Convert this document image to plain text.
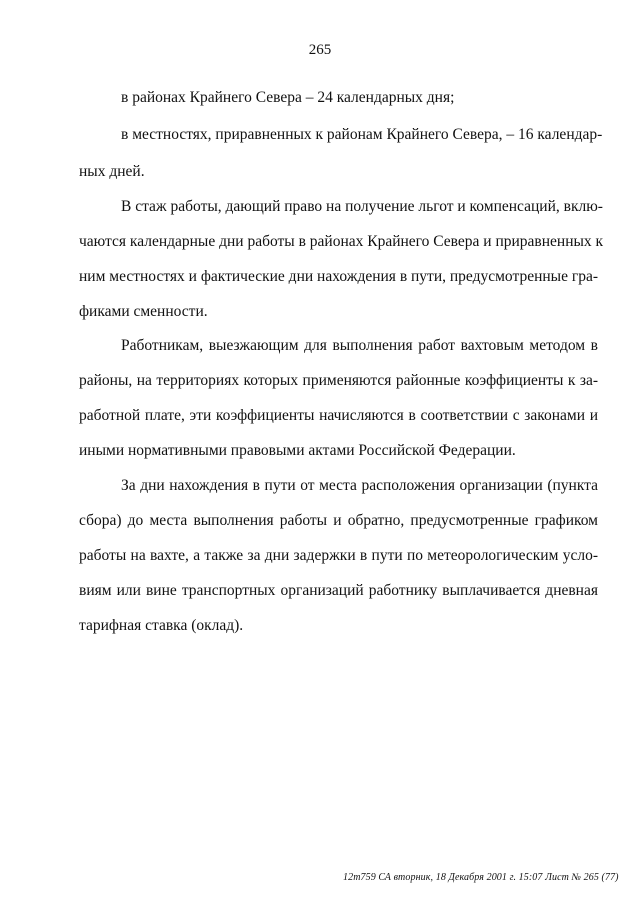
265
в районах Крайнего Севера – 24 календарных дня;
в местностях, приравненных к районам Крайнего Севера, – 16 календар-
ных дней.
В стаж работы, дающий право на получение льгот и компенсаций, вклю-
чаются календарные дни работы в районах Крайнего Севера и приравненных к
ним местностях и фактические дни нахождения в пути, предусмотренные гра-
фиками сменности.
Работникам, выезжающим для выполнения работ вахтовым методом в
районы, на территориях которых применяются районные коэффициенты к за-
работной плате, эти коэффициенты начисляются в соответствии с законами и
иными нормативными правовыми актами Российской Федерации.
За дни нахождения в пути от места расположения организации (пункта
сбора) до места выполнения работы и обратно, предусмотренные графиком
работы на вахте, а также за дни задержки в пути по метеорологическим усло-
виям или вине транспортных организаций работнику выплачивается дневная
тарифная ставка (оклад).
12m759 СА вторник, 18 Декабря 2001 г. 15:07 Лист № 265 (77)
